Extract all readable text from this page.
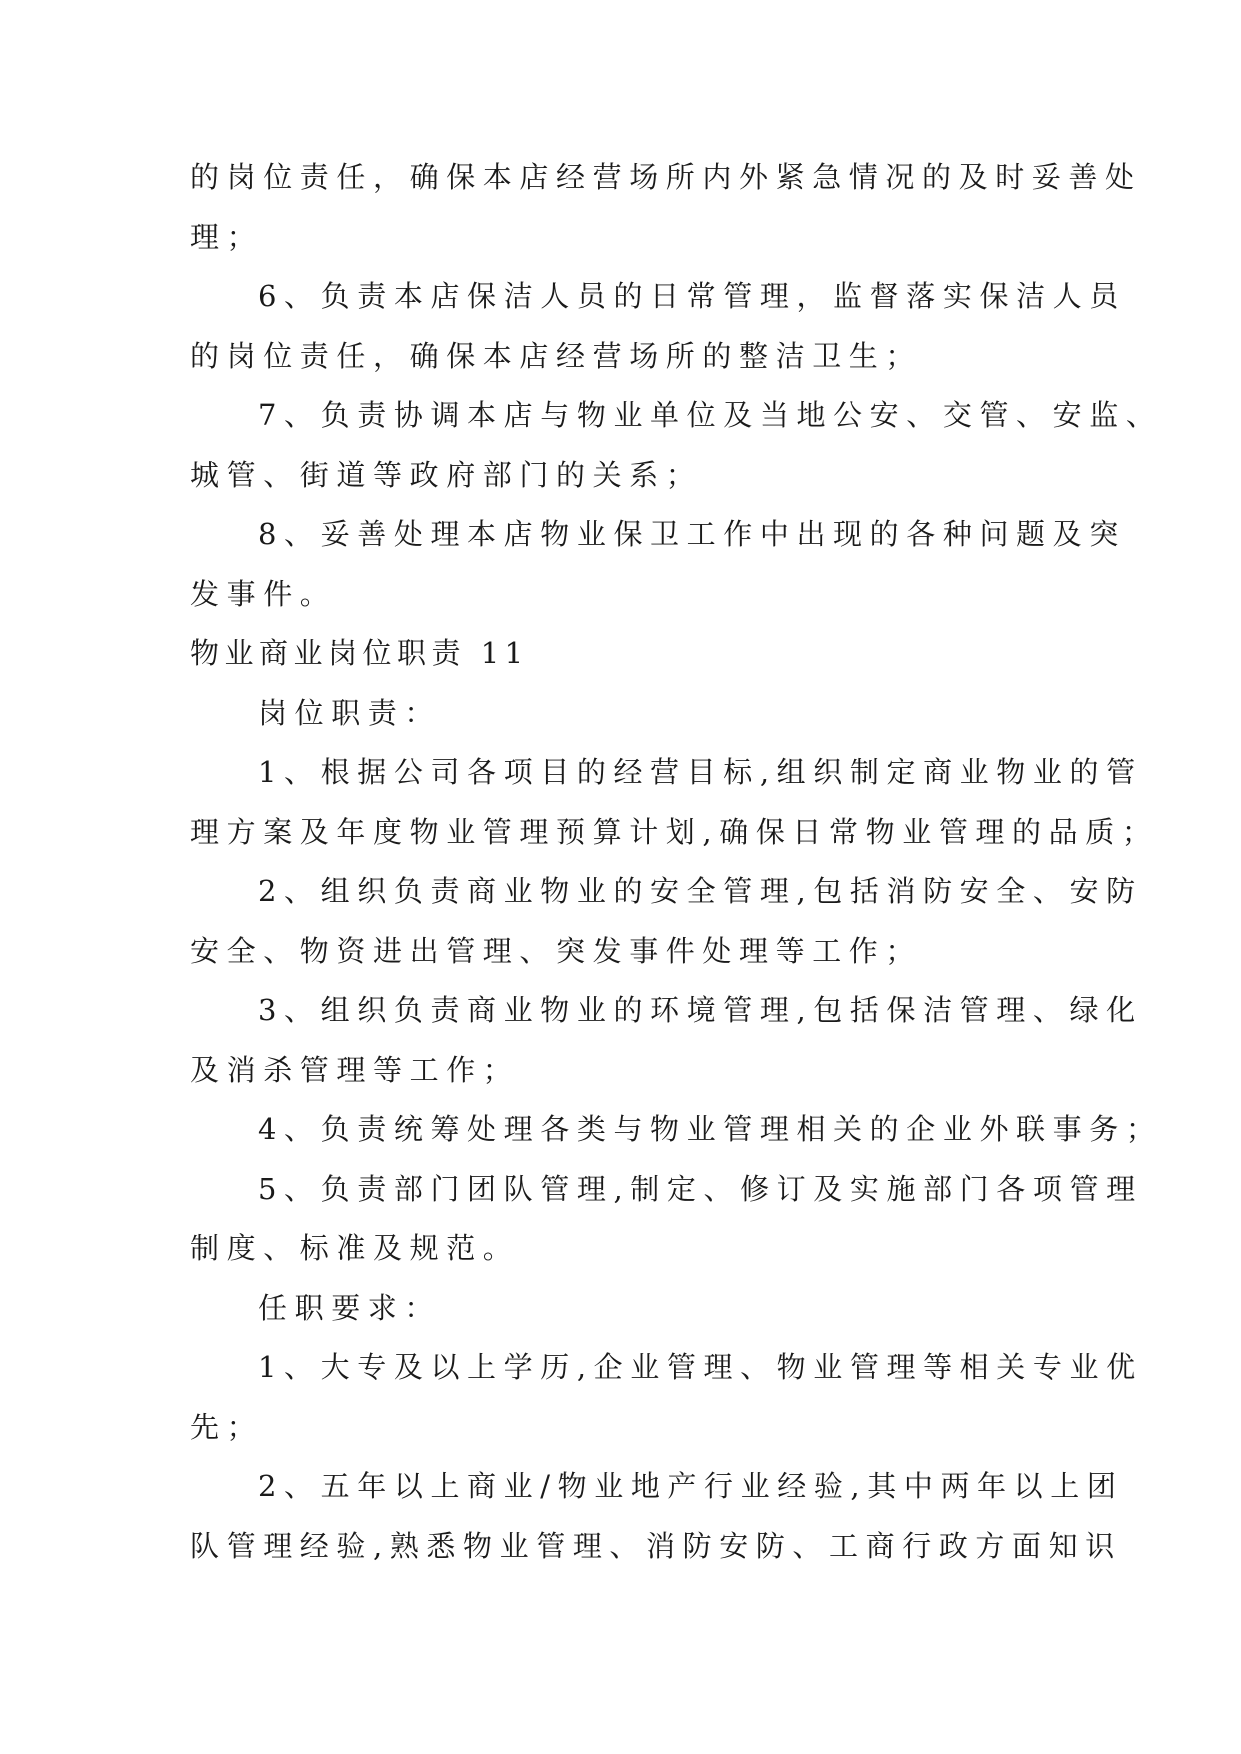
的岗位责任，确保本店经营场所内外紧急情况的及时妥善处
理；
6、负责本店保洁人员的日常管理，监督落实保洁人员
的岗位责任，确保本店经营场所的整洁卫生；
7、负责协调本店与物业单位及当地公安、交管、安监、
城管、街道等政府部门的关系；
8、妥善处理本店物业保卫工作中出现的各种问题及突
发事件。
物业商业岗位职责 11
岗位职责：
1、根据公司各项目的经营目标,组织制定商业物业的管
理方案及年度物业管理预算计划,确保日常物业管理的品质；
2、组织负责商业物业的安全管理,包括消防安全、安防
安全、物资进出管理、突发事件处理等工作；
3、组织负责商业物业的环境管理,包括保洁管理、绿化
及消杀管理等工作；
4、负责统筹处理各类与物业管理相关的企业外联事务；
5、负责部门团队管理,制定、修订及实施部门各项管理
制度、标准及规范。
任职要求：
1、大专及以上学历,企业管理、物业管理等相关专业优
先；
2、五年以上商业/物业地产行业经验,其中两年以上团
队管理经验,熟悉物业管理、消防安防、工商行政方面知识
